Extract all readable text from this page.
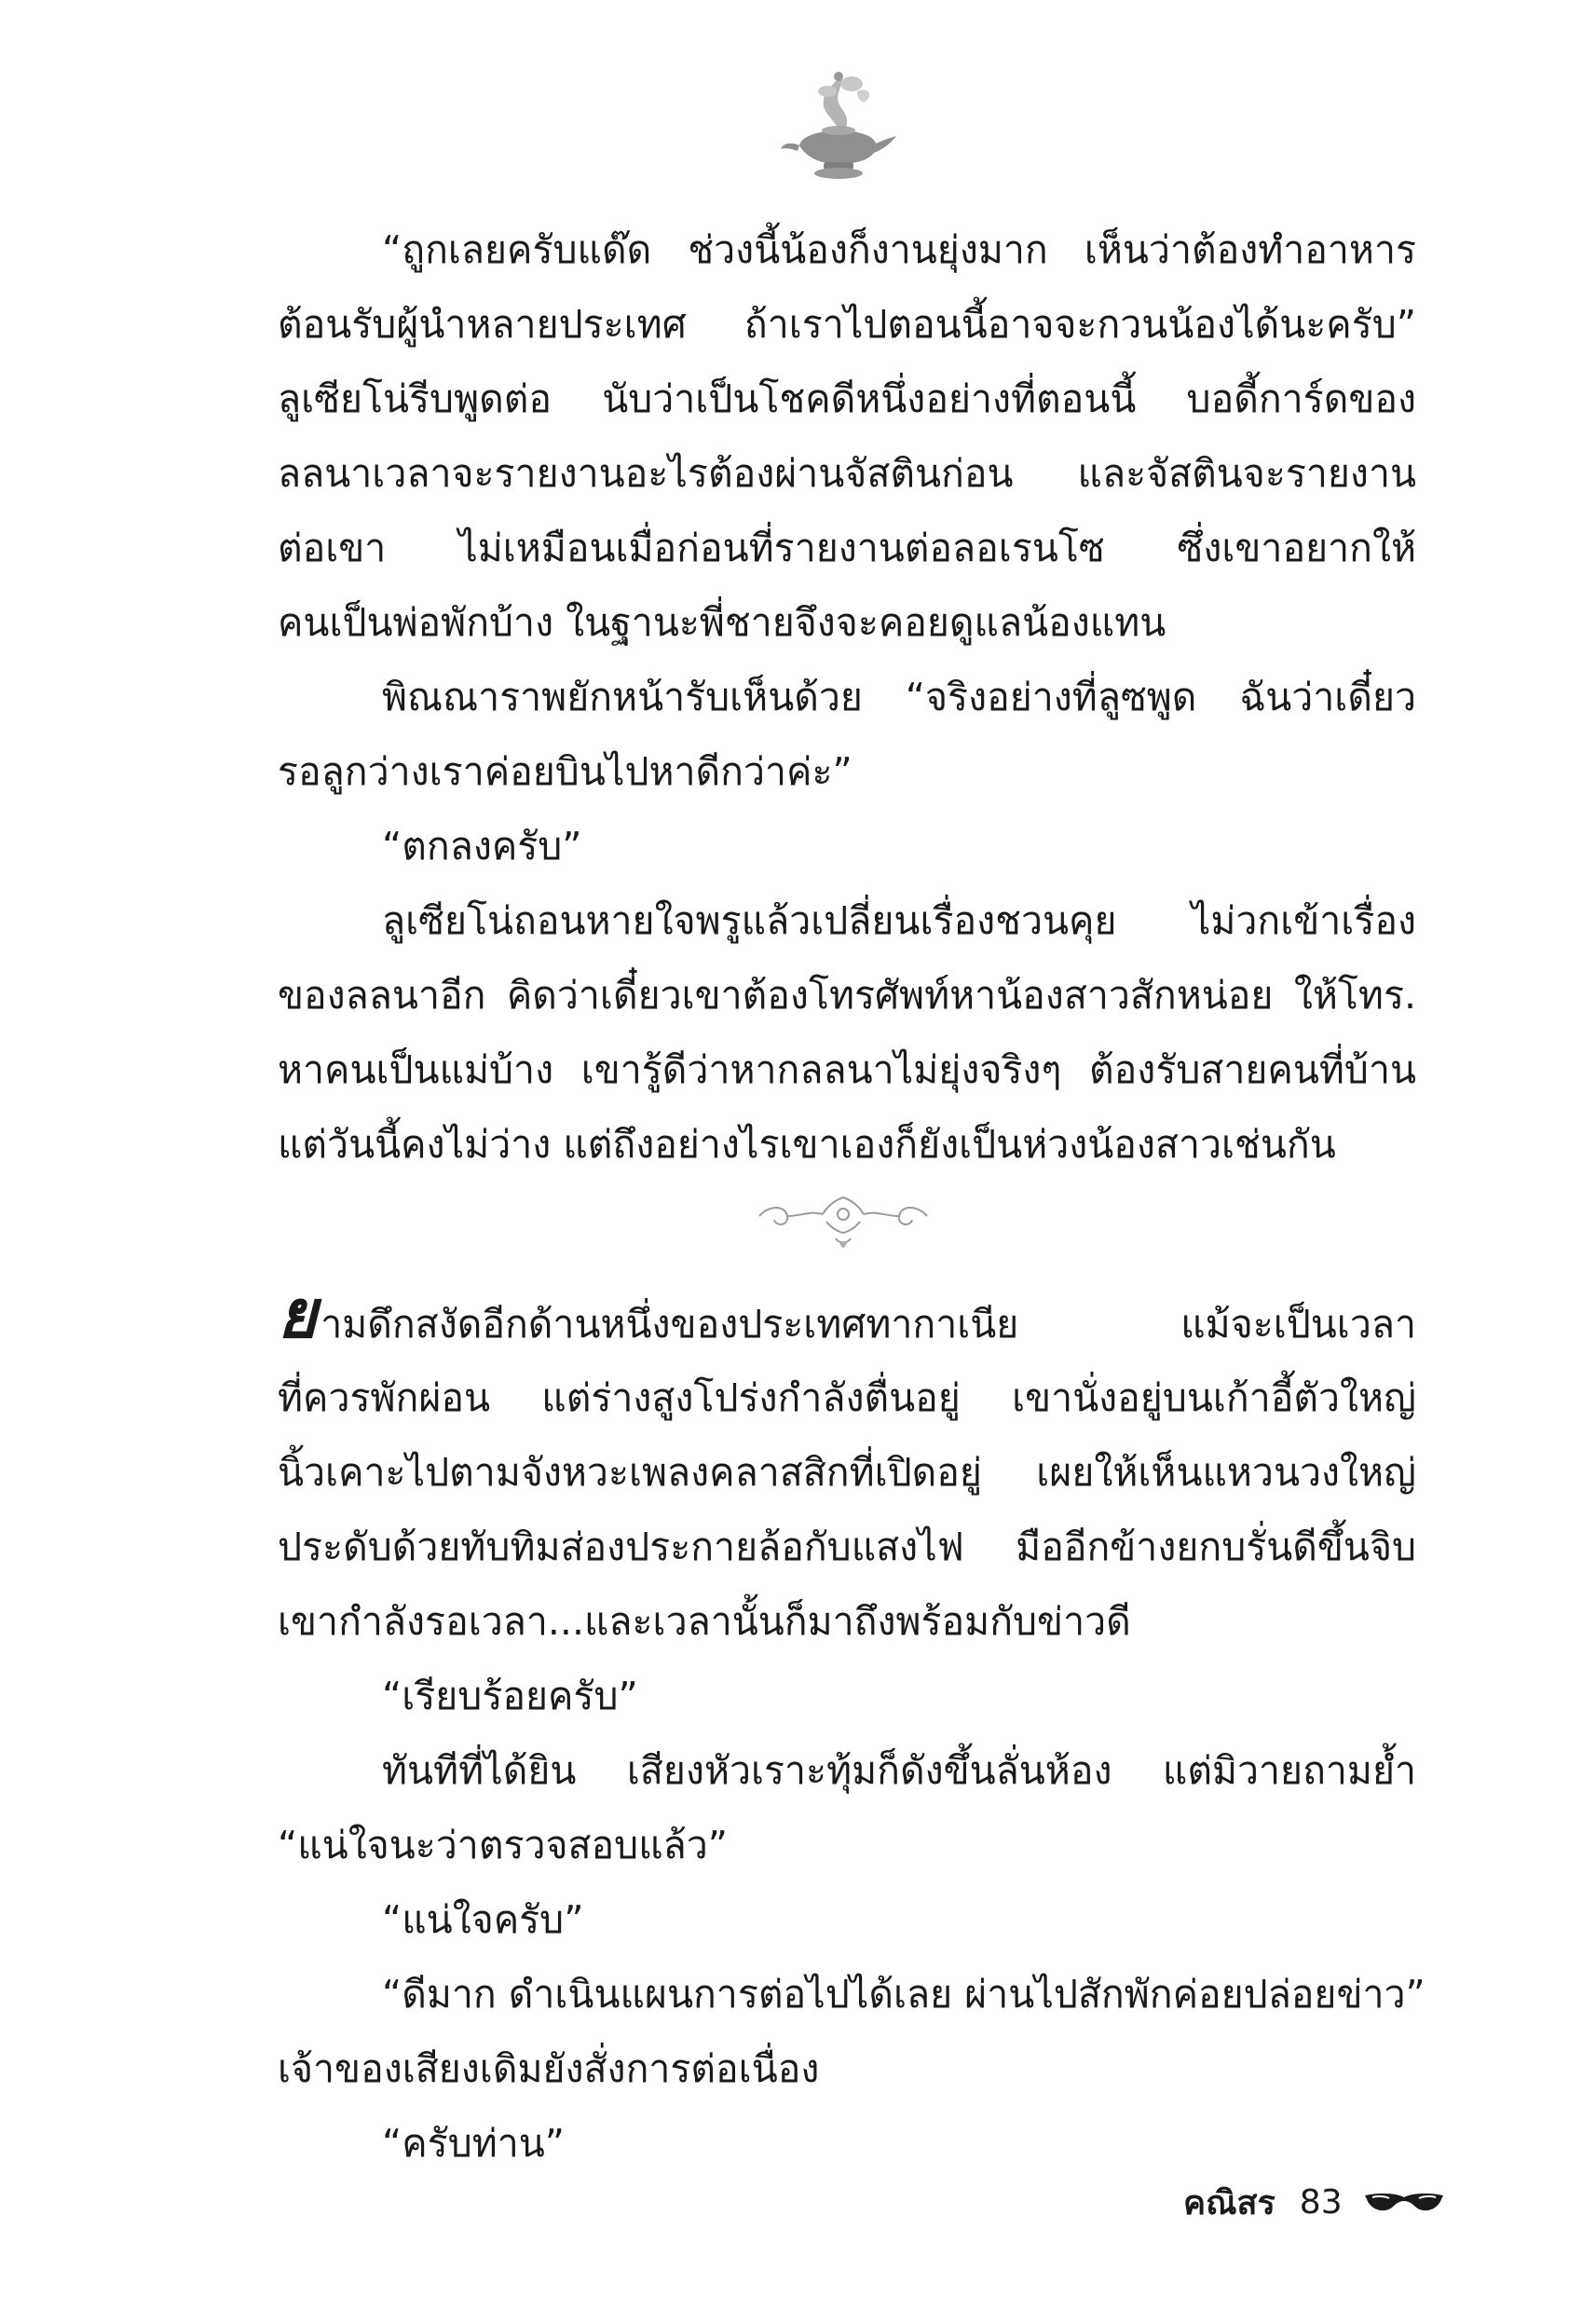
“ถูกเลยครับแด๊ด ช่วงนี้น้องก็งานยุ่งมาก เห็นว่าต้องทำอาหาร
ต้อนรับผู้นำหลายประเทศ ถ้าเราไปตอนนี้อาจจะกวนน้องได้นะครับ”
ลูเซียโน่รีบพูดต่อ นับว่าเป็นโชคดีหนึ่งอย่างที่ตอนนี้ บอดี้การ์ดของ
ลลนาเวลาจะรายงานอะไรต้องผ่านจัสตินก่อน และจัสตินจะรายงาน
ต่อเขา ไม่เหมือนเมื่อก่อนที่รายงานต่อลอเรนโซ ซึ่งเขาอยากให้
คนเป็นพ่อพักบ้าง ในฐานะพี่ชายจึงจะคอยดูแลน้องแทน
พิณณาราพยักหน้ารับเห็นด้วย “จริงอย่างที่ลูซพูด ฉันว่าเดี๋ยว
รอลูกว่างเราค่อยบินไปหาดีกว่าค่ะ”
“ตกลงครับ”
ลูเซียโน่ถอนหายใจพรูแล้วเปลี่ยนเรื่องชวนคุย ไม่วกเข้าเรื่อง
ของลลนาอีก คิดว่าเดี๋ยวเขาต้องโทรศัพท์หาน้องสาวสักหน่อย ให้โทร.
หาคนเป็นแม่บ้าง เขารู้ดีว่าหากลลนาไม่ยุ่งจริงๆ ต้องรับสายคนที่บ้าน
แต่วันนี้คงไม่ว่าง แต่ถึงอย่างไรเขาเองก็ยังเป็นห่วงน้องสาวเช่นกัน
ยามดึกสงัดอีกด้านหนึ่งของประเทศทากาเนีย แม้จะเป็นเวลา
ที่ควรพักผ่อน แต่ร่างสูงโปร่งกำลังตื่นอยู่ เขานั่งอยู่บนเก้าอี้ตัวใหญ่
นิ้วเคาะไปตามจังหวะเพลงคลาสสิกที่เปิดอยู่ เผยให้เห็นแหวนวงใหญ่
ประดับด้วยทับทิมส่องประกายล้อกับแสงไฟ มืออีกข้างยกบรั่นดีขึ้นจิบ
เขากำลังรอเวลา...และเวลานั้นก็มาถึงพร้อมกับข่าวดี
“เรียบร้อยครับ”
ทันทีที่ได้ยิน เสียงหัวเราะทุ้มก็ดังขึ้นลั่นห้อง แต่มิวายถามย้ำ
“แน่ใจนะว่าตรวจสอบแล้ว”
“แน่ใจครับ”
“ดีมาก ดำเนินแผนการต่อไปได้เลย ผ่านไปสักพักค่อยปล่อยข่าว”
เจ้าของเสียงเดิมยังสั่งการต่อเนื่อง
“ครับท่าน”
คณิสร 83
